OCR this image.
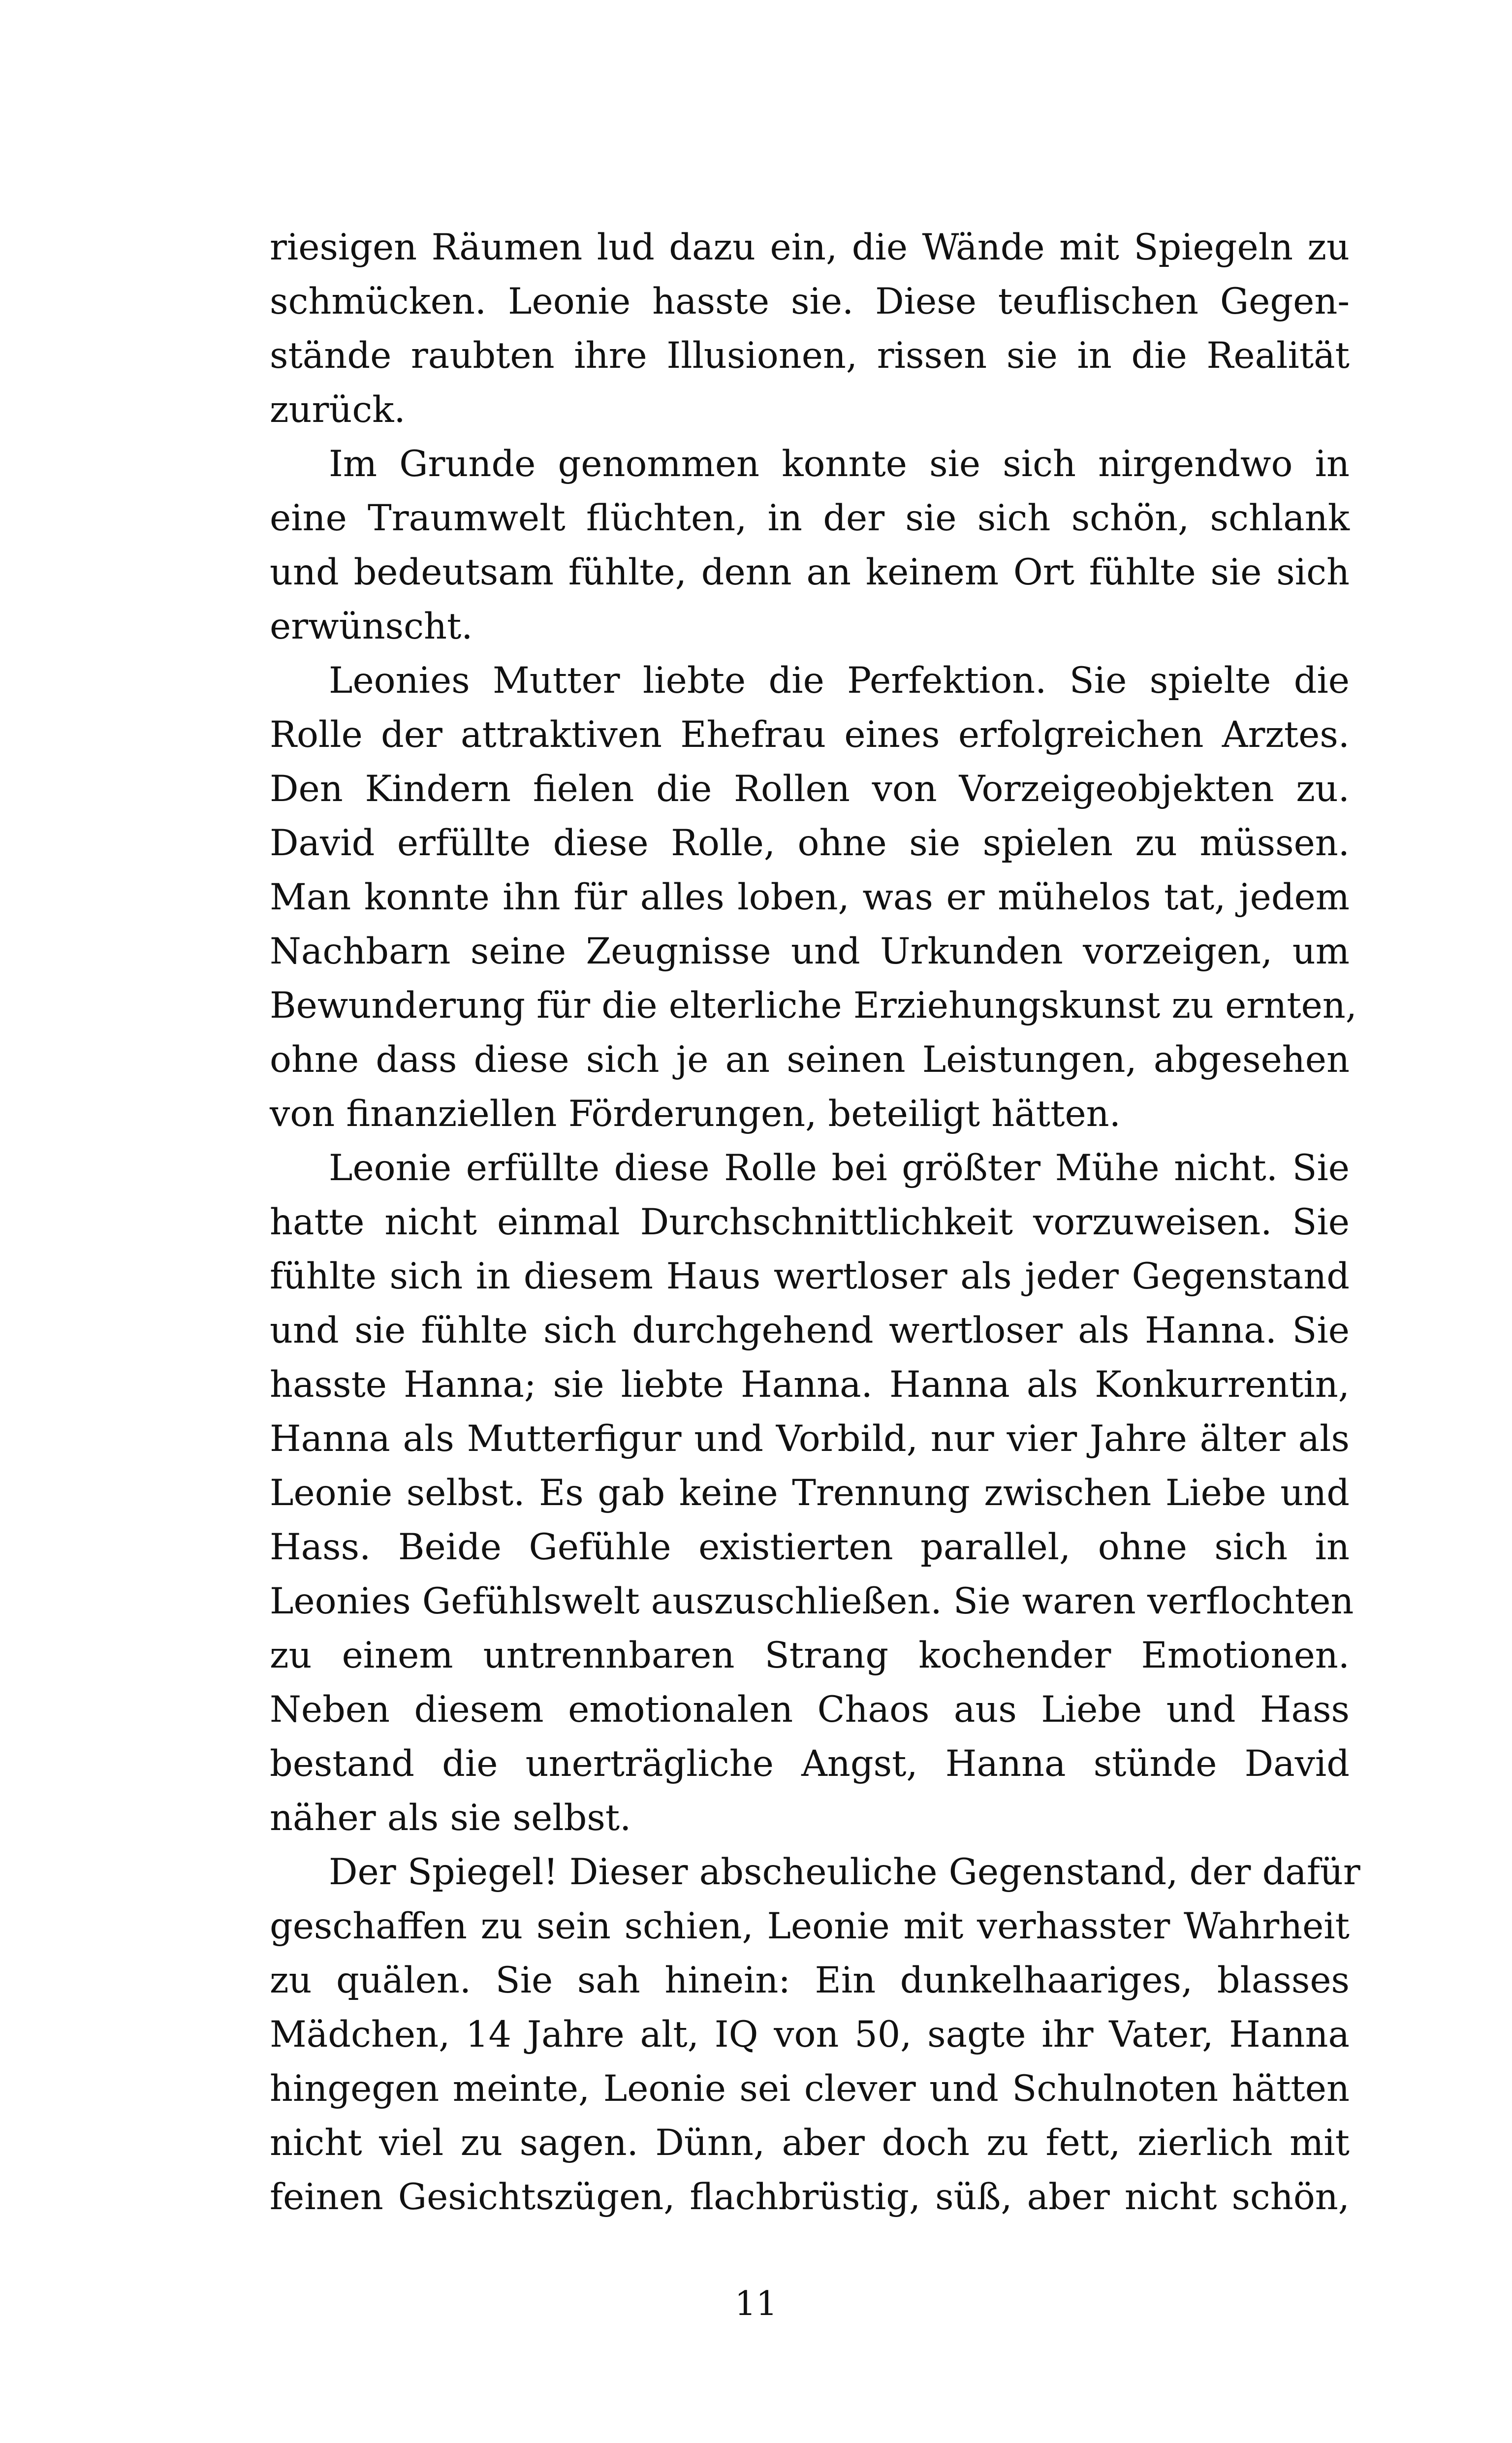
riesigen Räumen lud dazu ein, die Wände mit Spiegeln zu
schmücken. Leonie hasste sie. Diese teuflischen Gegen-
stände raubten ihre Illusionen, rissen sie in die Realität
zurück.
Im Grunde genommen konnte sie sich nirgendwo in
eine Traumwelt flüchten, in der sie sich schön, schlank
und bedeutsam fühlte, denn an keinem Ort fühlte sie sich
erwünscht.
Leonies Mutter liebte die Perfektion. Sie spielte die
Rolle der attraktiven Ehefrau eines erfolgreichen Arztes.
Den Kindern fielen die Rollen von Vorzeigeobjekten zu.
David erfüllte diese Rolle, ohne sie spielen zu müssen.
Man konnte ihn für alles loben, was er mühelos tat, jedem
Nachbarn seine Zeugnisse und Urkunden vorzeigen, um
Bewunderung für die elterliche Erziehungskunst zu ernten,
ohne dass diese sich je an seinen Leistungen, abgesehen
von finanziellen Förderungen, beteiligt hätten.
Leonie erfüllte diese Rolle bei größter Mühe nicht. Sie
hatte nicht einmal Durchschnittlichkeit vorzuweisen. Sie
fühlte sich in diesem Haus wertloser als jeder Gegenstand
und sie fühlte sich durchgehend wertloser als Hanna. Sie
hasste Hanna; sie liebte Hanna. Hanna als Konkurrentin,
Hanna als Mutterfigur und Vorbild, nur vier Jahre älter als
Leonie selbst. Es gab keine Trennung zwischen Liebe und
Hass. Beide Gefühle existierten parallel, ohne sich in
Leonies Gefühlswelt auszuschließen. Sie waren verflochten
zu einem untrennbaren Strang kochender Emotionen.
Neben diesem emotionalen Chaos aus Liebe und Hass
bestand die unerträgliche Angst, Hanna stünde David
näher als sie selbst.
Der Spiegel! Dieser abscheuliche Gegenstand, der dafür
geschaffen zu sein schien, Leonie mit verhasster Wahrheit
zu quälen. Sie sah hinein: Ein dunkelhaariges, blasses
Mädchen, 14 Jahre alt, IQ von 50, sagte ihr Vater, Hanna
hingegen meinte, Leonie sei clever und Schulnoten hätten
nicht viel zu sagen. Dünn, aber doch zu fett, zierlich mit
feinen Gesichtszügen, flachbrüstig, süß, aber nicht schön,
11
